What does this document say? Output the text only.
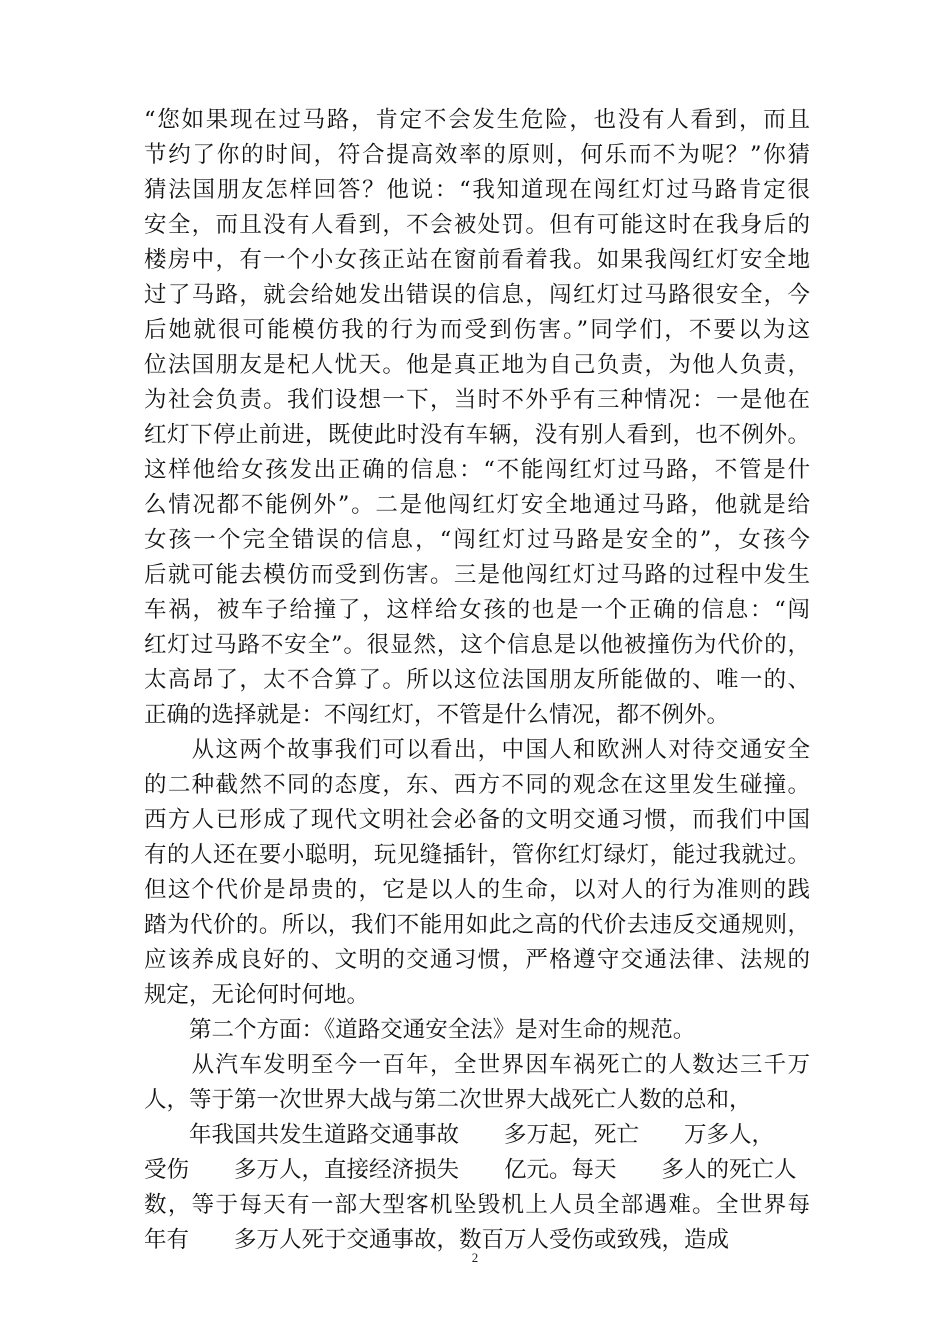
“您如果现在过马路，肯定不会发生危险，也没有人看到，而且
节约了你的时间，符合提高效率的原则，何乐而不为呢？”你猜
猜法国朋友怎样回答？他说：“我知道现在闯红灯过马路肯定很
安全，而且没有人看到，不会被处罚。但有可能这时在我身后的
楼房中，有一个小女孩正站在窗前看着我。如果我闯红灯安全地
过了马路，就会给她发出错误的信息，闯红灯过马路很安全，今
后她就很可能模仿我的行为而受到伤害。”同学们，不要以为这
位法国朋友是杞人忧天。他是真正地为自己负责，为他人负责，
为社会负责。我们设想一下，当时不外乎有三种情况：一是他在
红灯下停止前进，既使此时没有车辆，没有别人看到，也不例外。
这样他给女孩发出正确的信息：“不能闯红灯过马路，不管是什
么情况都不能例外”。二是他闯红灯安全地通过马路，他就是给
女孩一个完全错误的信息，“闯红灯过马路是安全的”，女孩今
后就可能去模仿而受到伤害。三是他闯红灯过马路的过程中发生
车祸，被车子给撞了，这样给女孩的也是一个正确的信息：“闯
红灯过马路不安全”。很显然，这个信息是以他被撞伤为代价的，
太高昂了，太不合算了。所以这位法国朋友所能做的、唯一的、
正确的选择就是：不闯红灯，不管是什么情况，都不例外。
　　从这两个故事我们可以看出，中国人和欧洲人对待交通安全
的二种截然不同的态度，东、西方不同的观念在这里发生碰撞。
西方人已形成了现代文明社会必备的文明交通习惯，而我们中国
有的人还在要小聪明，玩见缝插针，管你红灯绿灯，能过我就过。
但这个代价是昂贵的，它是以人的生命，以对人的行为准则的践
踏为代价的。所以，我们不能用如此之高的代价去违反交通规则，
应该养成良好的、文明的交通习惯，严格遵守交通法律、法规的
规定，无论何时何地。
　　第二个方面：《道路交通安全法》是对生命的规范。
　　从汽车发明至今一百年，全世界因车祸死亡的人数达三千万
人，等于第一次世界大战与第二次世界大战死亡人数的总和，
　　年我国共发生道路交通事故　　多万起，死亡　　万多人，
受伤　　多万人，直接经济损失　　亿元。每天　　多人的死亡人
数，等于每天有一部大型客机坠毁机上人员全部遇难。全世界每
年有　　多万人死于交通事故，数百万人受伤或致残，造成
2
